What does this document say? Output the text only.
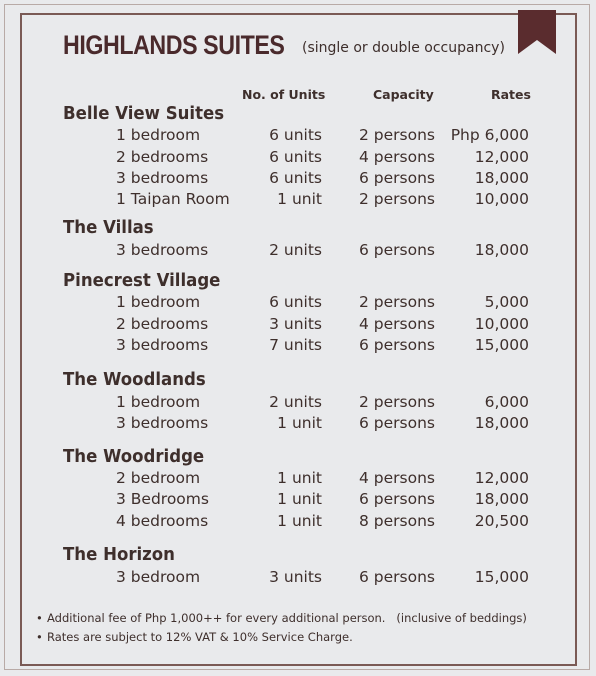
HIGHLANDS SUITES (single or double occupancy)
No. of Units	Capacity	Rates
Belle View Suites
1 bedroom	6 units 2 persons Php 6,000
2 bedrooms	6 units 4 persons	12,000
3 bedrooms	6 units 6 persons	18,000
1 Taipan Room	1 unit 2 persons	10,000
The Villas
3 bedrooms	2 units 6 persons	18,000
Pinecrest Village
1 bedroom	6 units 2 persons	5,000
2 bedrooms	3 units 4 persons	10,000
3 bedrooms	7 units 6 persons	15,000
The Woodlands
1 bedroom	2 units 2 persons	6,000
3 bedrooms	1 unit 6 persons	18,000
The Woodridge
2 bedroom	1 unit 4 persons	12,000
3 Bedrooms	1 unit 6 persons	18,000
4 bedrooms	1 unit 8 persons	20,500
The Horizon
3 bedroom	3 units 6 persons	15,000
• Additional fee of Php 1,000++ for every additional person.   (inclusive of beddings)
• Rates are subject to 12% VAT & 10% Service Charge.
